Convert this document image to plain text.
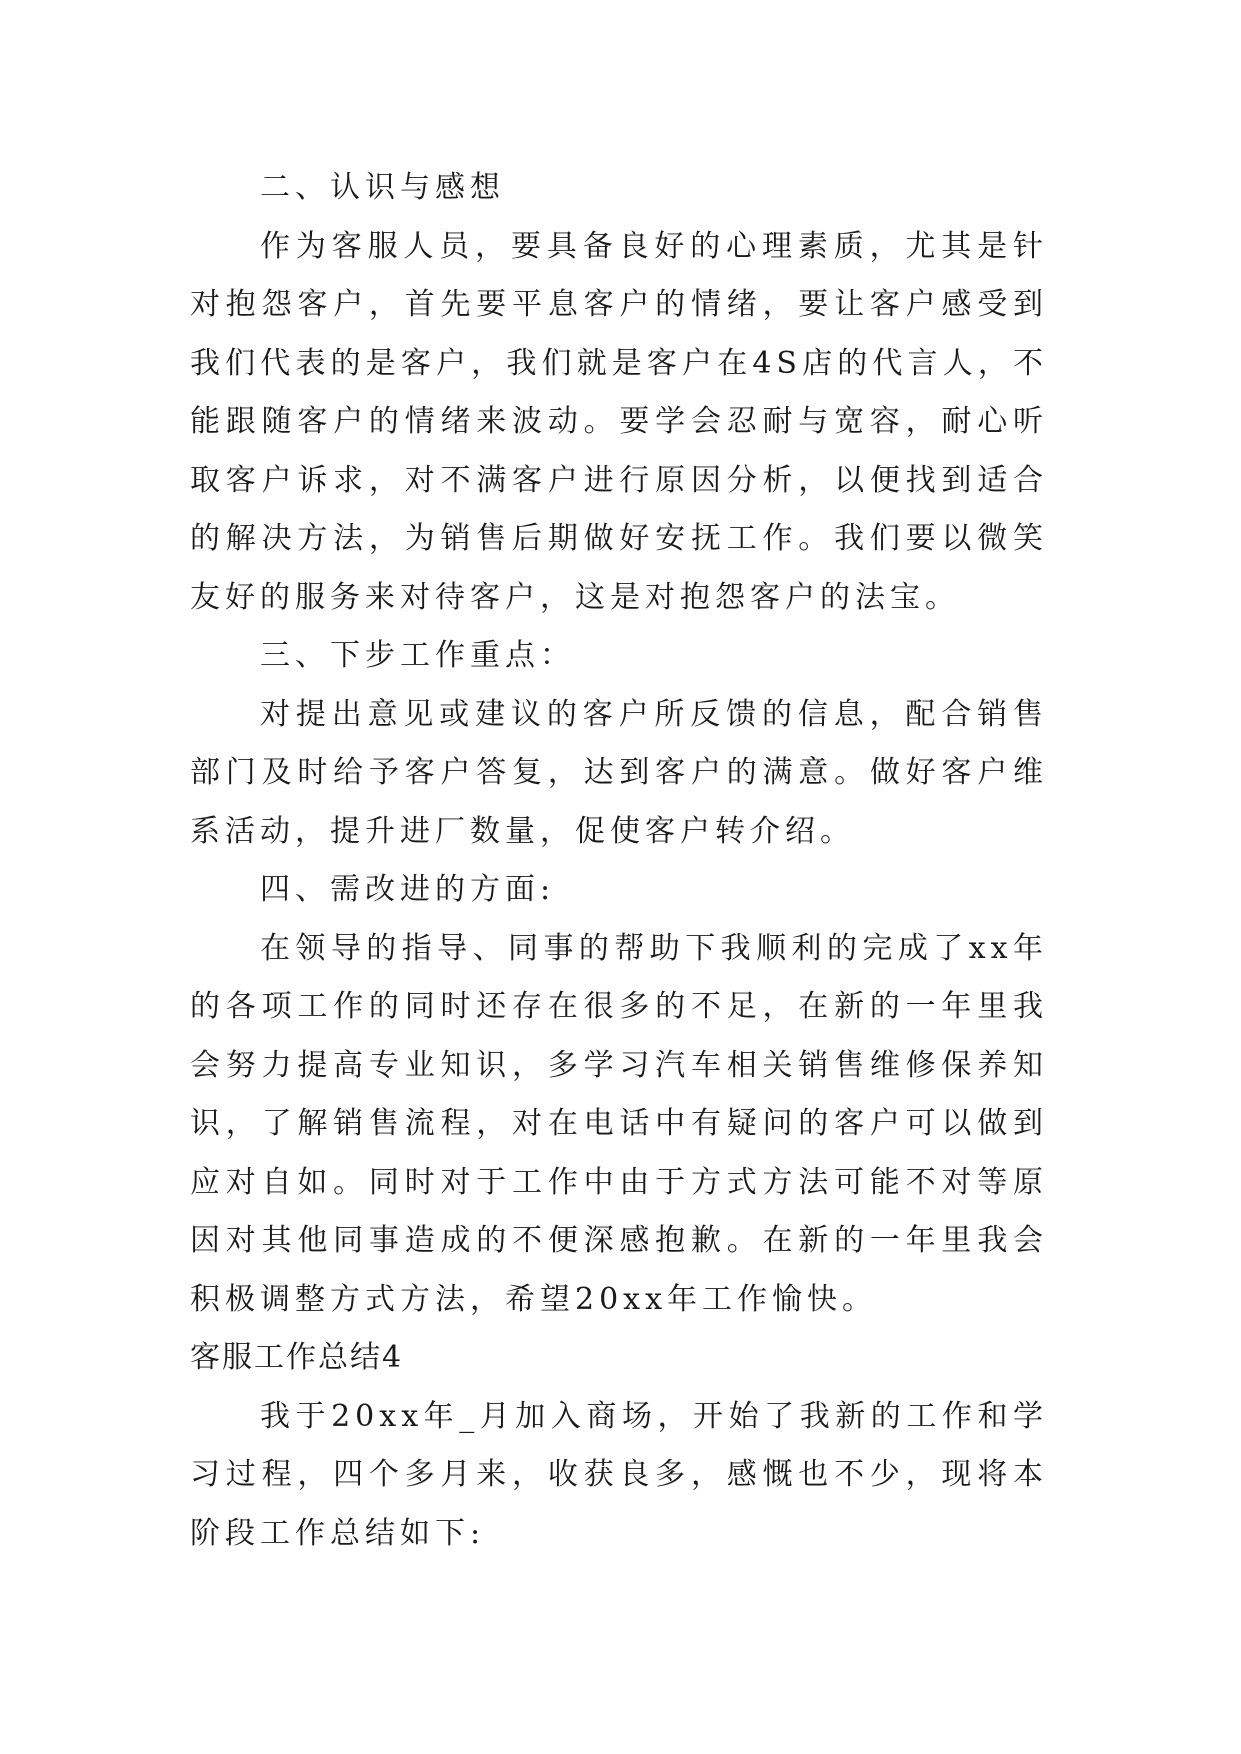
二、认识与感想

作为客服人员，要具备良好的心理素质，尤其是针对抱怨客户，首先要平息客户的情绪，要让客户感受到我们代表的是客户，我们就是客户在4S店的代言人，不能跟随客户的情绪来波动。要学会忍耐与宽容，耐心听取客户诉求，对不满客户进行原因分析，以便找到适合的解决方法，为销售后期做好安抚工作。我们要以微笑友好的服务来对待客户，这是对抱怨客户的法宝。

三、下步工作重点：

对提出意见或建议的客户所反馈的信息，配合销售部门及时给予客户答复，达到客户的满意。做好客户维系活动，提升进厂数量，促使客户转介绍。

四、需改进的方面:

在领导的指导、同事的帮助下我顺利的完成了xx年的各项工作的同时还存在很多的不足，在新的一年里我会努力提高专业知识，多学习汽车相关销售维修保养知识，了解销售流程，对在电话中有疑问的客户可以做到应对自如。同时对于工作中由于方式方法可能不对等原因对其他同事造成的不便深感抱歉。在新的一年里我会积极调整方式方法，希望20xx年工作愉快。

客服工作总结4

我于20xx年_月加入商场，开始了我新的工作和学习过程，四个多月来，收获良多，感慨也不少，现将本阶段工作总结如下:
